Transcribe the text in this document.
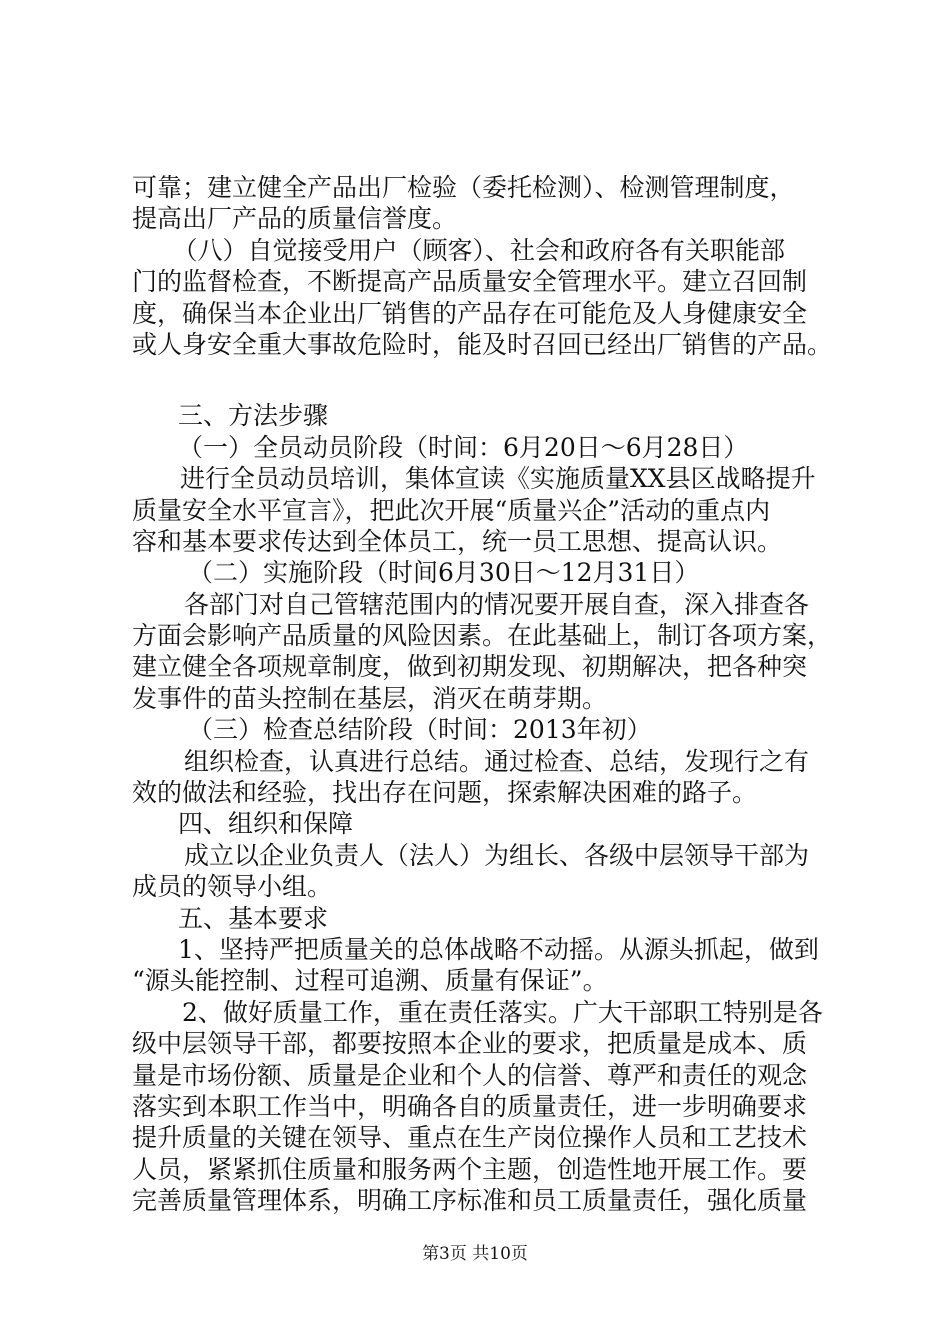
可靠；建立健全产品出厂检验（委托检测）、检测管理制度，
提高出厂产品的质量信誉度。
　（八）自觉接受用户（顾客）、社会和政府各有关职能部
门的监督检查，不断提高产品质量安全管理水平。建立召回制
度，确保当本企业出厂销售的产品存在可能危及人身健康安全
或人身安全重大事故危险时，能及时召回已经出厂销售的产品。
三、方法步骤
（一）全员动员阶段（时间：6月20日～6月28日）
进行全员动员培训，集体宣读《实施质量XX县区战略提升
质量安全水平宣言》，把此次开展“质量兴企”活动的重点内
容和基本要求传达到全体员工，统一员工思想、提高认识。
（二）实施阶段（时间6月30日～12月31日）
各部门对自己管辖范围内的情况要开展自查，深入排查各
方面会影响产品质量的风险因素。在此基础上，制订各项方案，
建立健全各项规章制度，做到初期发现、初期解决，把各种突
发事件的苗头控制在基层，消灭在萌芽期。
（三）检查总结阶段（时间：2013年初）
组织检查，认真进行总结。通过检查、总结，发现行之有
效的做法和经验，找出存在问题，探索解决困难的路子。
四、组织和保障
成立以企业负责人（法人）为组长、各级中层领导干部为
成员的领导小组。
五、基本要求
1、坚持严把质量关的总体战略不动摇。从源头抓起，做到
“源头能控制、过程可追溯、质量有保证”。
2、做好质量工作，重在责任落实。广大干部职工特别是各
级中层领导干部，都要按照本企业的要求，把质量是成本、质
量是市场份额、质量是企业和个人的信誉、尊严和责任的观念
落实到本职工作当中，明确各自的质量责任，进一步明确要求
提升质量的关键在领导、重点在生产岗位操作人员和工艺技术
人员，紧紧抓住质量和服务两个主题，创造性地开展工作。要
完善质量管理体系，明确工序标准和员工质量责任，强化质量
第3页 共10页
